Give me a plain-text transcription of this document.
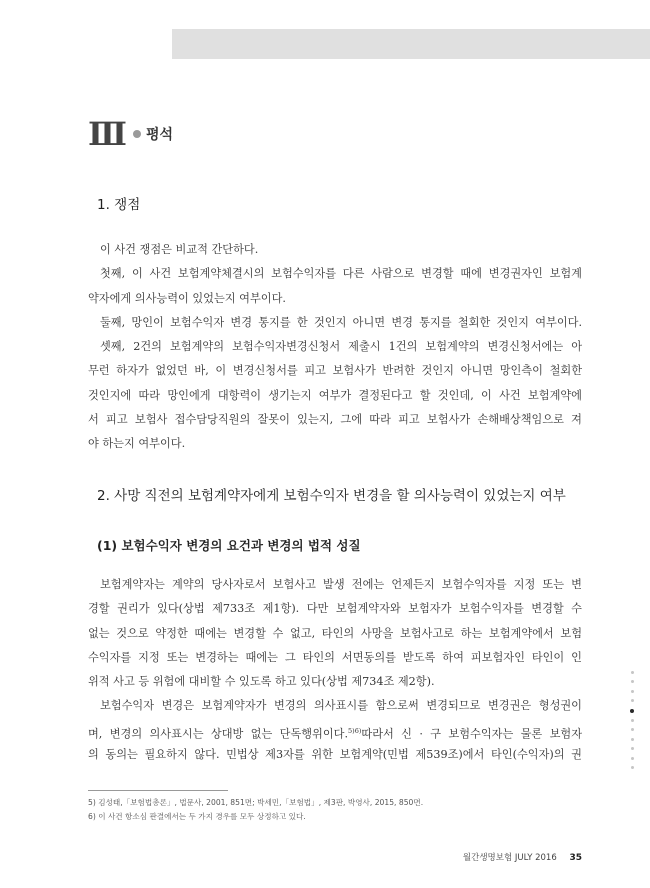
Ⅲ 평석
1. 쟁점
이 사건 쟁점은 비교적 간단하다.
첫째, 이 사건 보험계약체결시의 보험수익자를 다른 사람으로 변경할 때에 변경권자인 보험계
약자에게 의사능력이 있었는지 여부이다.
둘째, 망인이 보험수익자 변경 통지를 한 것인지 아니면 변경 통지를 철회한 것인지 여부이다.
셋째, 2건의 보험계약의 보험수익자변경신청서 제출시 1건의 보험계약의 변경신청서에는 아
무런 하자가 없었던 바, 이 변경신청서를 피고 보험사가 반려한 것인지 아니면 망인측이 철회한
것인지에 따라 망인에게 대항력이 생기는지 여부가 결정된다고 할 것인데, 이 사건 보험계약에
서 피고 보험사 접수담당직원의 잘못이 있는지, 그에 따라 피고 보험사가 손해배상책임으로 져
야 하는지 여부이다.
2. 사망 직전의 보험계약자에게 보험수익자 변경을 할 의사능력이 있었는지 여부
(1) 보험수익자 변경의 요건과 변경의 법적 성질
보험계약자는 계약의 당사자로서 보험사고 발생 전에는 언제든지 보험수익자를 지정 또는 변
경할 권리가 있다(상법 제733조 제1항). 다만 보험계약자와 보험자가 보험수익자를 변경할 수
없는 것으로 약정한 때에는 변경할 수 없고, 타인의 사망을 보험사고로 하는 보험계약에서 보험
수익자를 지정 또는 변경하는 때에는 그 타인의 서면동의를 받도록 하여 피보험자인 타인이 인
위적 사고 등 위험에 대비할 수 있도록 하고 있다(상법 제734조 제2항).
보험수익자 변경은 보험계약자가 변경의 의사표시를 함으로써 변경되므로 변경권은 형성권이
며, 변경의 의사표시는 상대방 없는 단독행위이다.$^{5)6)}$따라서 신 · 구 보험수익자는 물론 보험자
의 동의는 필요하지 않다. 민법상 제3자를 위한 보험계약(민법 제539조)에서 타인(수익자)의 권
5) 김성태,「보험법총론」, 법문사, 2001, 851면; 박세민,「보험법」, 제3판, 박영사, 2015, 850면.
6) 이 사건 항소심 판결에서는 두 가지 경우를 모두 상정하고 있다.
월간생명보험 JULY 2016 35
